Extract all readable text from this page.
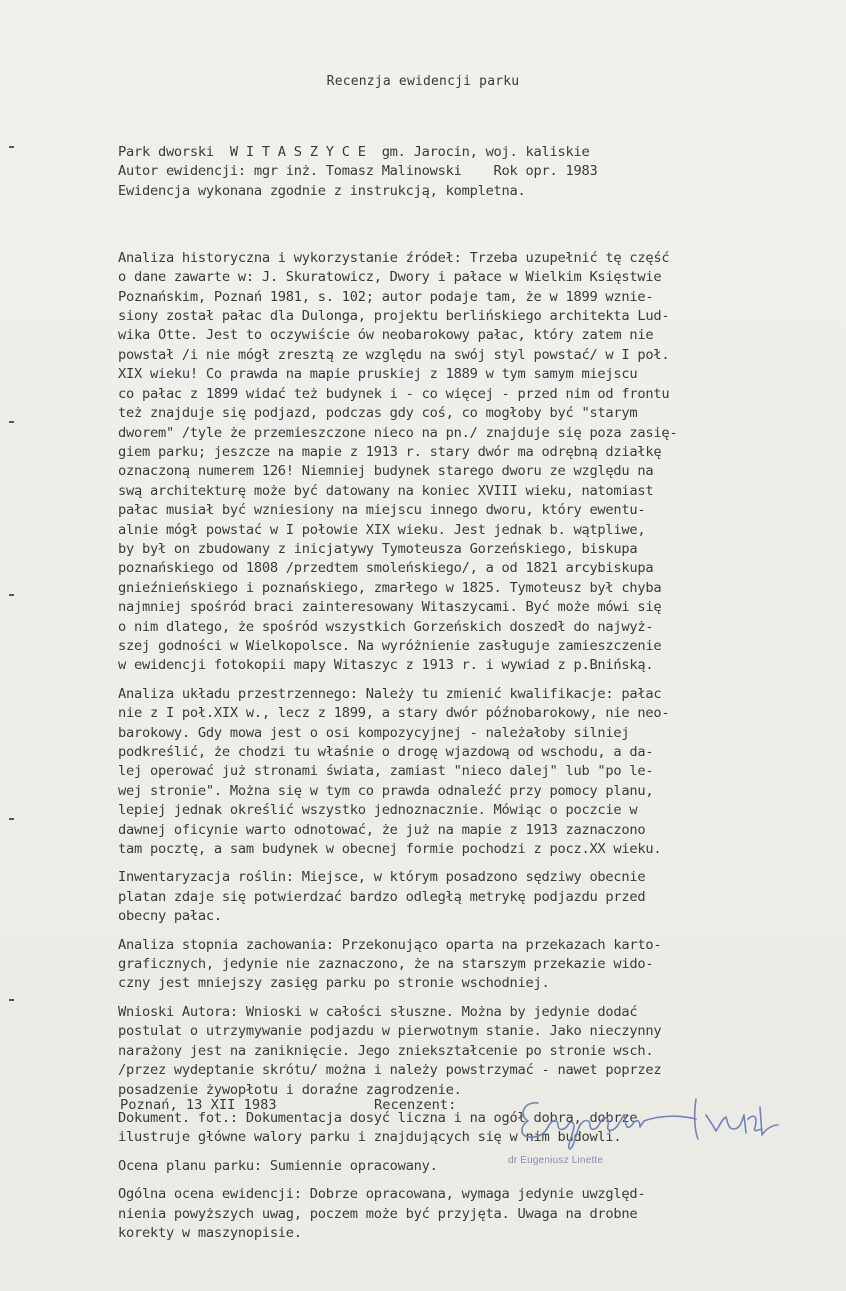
Recenzja ewidencji parku

Park dworski  W I T A S Z Y C E  gm. Jarocin, woj. kaliskie
Autor ewidencji: mgr inż. Tomasz Malinowski    Rok opr. 1983
Ewidencja wykonana zgodnie z instrukcją, kompletna.

Analiza historyczna i wykorzystanie źródeł: Trzeba uzupełnić tę część
o dane zawarte w: J. Skuratowicz, Dwory i pałace w Wielkim Księstwie
Poznańskim, Poznań 1981, s. 102; autor podaje tam, że w 1899 wznie-
siony został pałac dla Dulonga, projektu berlińskiego architekta Lud-
wika Otte. Jest to oczywiście ów neobarokowy pałac, który zatem nie
powstał /i nie mógł zresztą ze względu na swój styl powstać/ w I poł.
XIX wieku! Co prawda na mapie pruskiej z 1889 w tym samym miejscu
co pałac z 1899 widać też budynek i - co więcej - przed nim od frontu
też znajduje się podjazd, podczas gdy coś, co mogłoby być "starym
dworem" /tyle że przemieszczone nieco na pn./ znajduje się poza zasię-
giem parku; jeszcze na mapie z 1913 r. stary dwór ma odrębną działkę
oznaczoną numerem 126! Niemniej budynek starego dworu ze względu na
swą architekturę może być datowany na koniec XVIII wieku, natomiast
pałac musiał być wzniesiony na miejscu innego dworu, który ewentu-
alnie mógł powstać w I połowie XIX wieku. Jest jednak b. wątpliwe,
by był on zbudowany z inicjatywy Tymoteusza Gorzeńskiego, biskupa
poznańskiego od 1808 /przedtem smoleńskiego/, a od 1821 arcybiskupa
gnieźnieńskiego i poznańskiego, zmarłego w 1825. Tymoteusz był chyba
najmniej spośród braci zainteresowany Witaszycami. Być może mówi się
o nim dlatego, że spośród wszystkich Gorzeńskich doszedł do najwyż-
szej godności w Wielkopolsce. Na wyróżnienie zasługuje zamieszczenie
w ewidencji fotokopii mapy Witaszyc z 1913 r. i wywiad z p.Bnińską.
Analiza układu przestrzennego: Należy tu zmienić kwalifikacje: pałac
nie z I poł.XIX w., lecz z 1899, a stary dwór późnobarokowy, nie neo-
barokowy. Gdy mowa jest o osi kompozycyjnej - należałoby silniej
podkreślić, że chodzi tu właśnie o drogę wjazdową od wschodu, a da-
lej operować już stronami świata, zamiast "nieco dalej" lub "po le-
wej stronie". Można się w tym co prawda odnaleźć przy pomocy planu,
lepiej jednak określić wszystko jednoznacznie. Mówiąc o poczcie w
dawnej oficynie warto odnotować, że już na mapie z 1913 zaznaczono
tam pocztę, a sam budynek w obecnej formie pochodzi z pocz.XX wieku.
Inwentaryzacja roślin: Miejsce, w którym posadzono sędziwy obecnie
platan zdaje się potwierdzać bardzo odległą metrykę podjazdu przed
obecny pałac.
Analiza stopnia zachowania: Przekonująco oparta na przekazach karto-
graficznych, jedynie nie zaznaczono, że na starszym przekazie wido-
czny jest mniejszy zasięg parku po stronie wschodniej.
Wnioski Autora: Wnioski w całości słuszne. Można by jedynie dodać
postulat o utrzymywanie podjazdu w pierwotnym stanie. Jako nieczynny
narażony jest na zaniknięcie. Jego zniekształcenie po stronie wsch.
/przez wydeptanie skrótu/ można i należy powstrzymać - nawet poprzez
posadzenie żywopłotu i doraźne zagrodzenie.
Dokument. fot.: Dokumentacja dosyć liczna i na ogół dobra, dobrze
ilustruje główne walory parku i znajdujących się w nim budowli.
Ocena planu parku: Sumiennie opracowany.
Ogólna ocena ewidencji: Dobrze opracowana, wymaga jedynie uwzględ-
nienia powyższych uwag, poczem może być przyjęta. Uwaga na drobne
korekty w maszynopisie.

Poznań, 13 XII 1983

	Recenzent:

dr Eugeniusz Linette
